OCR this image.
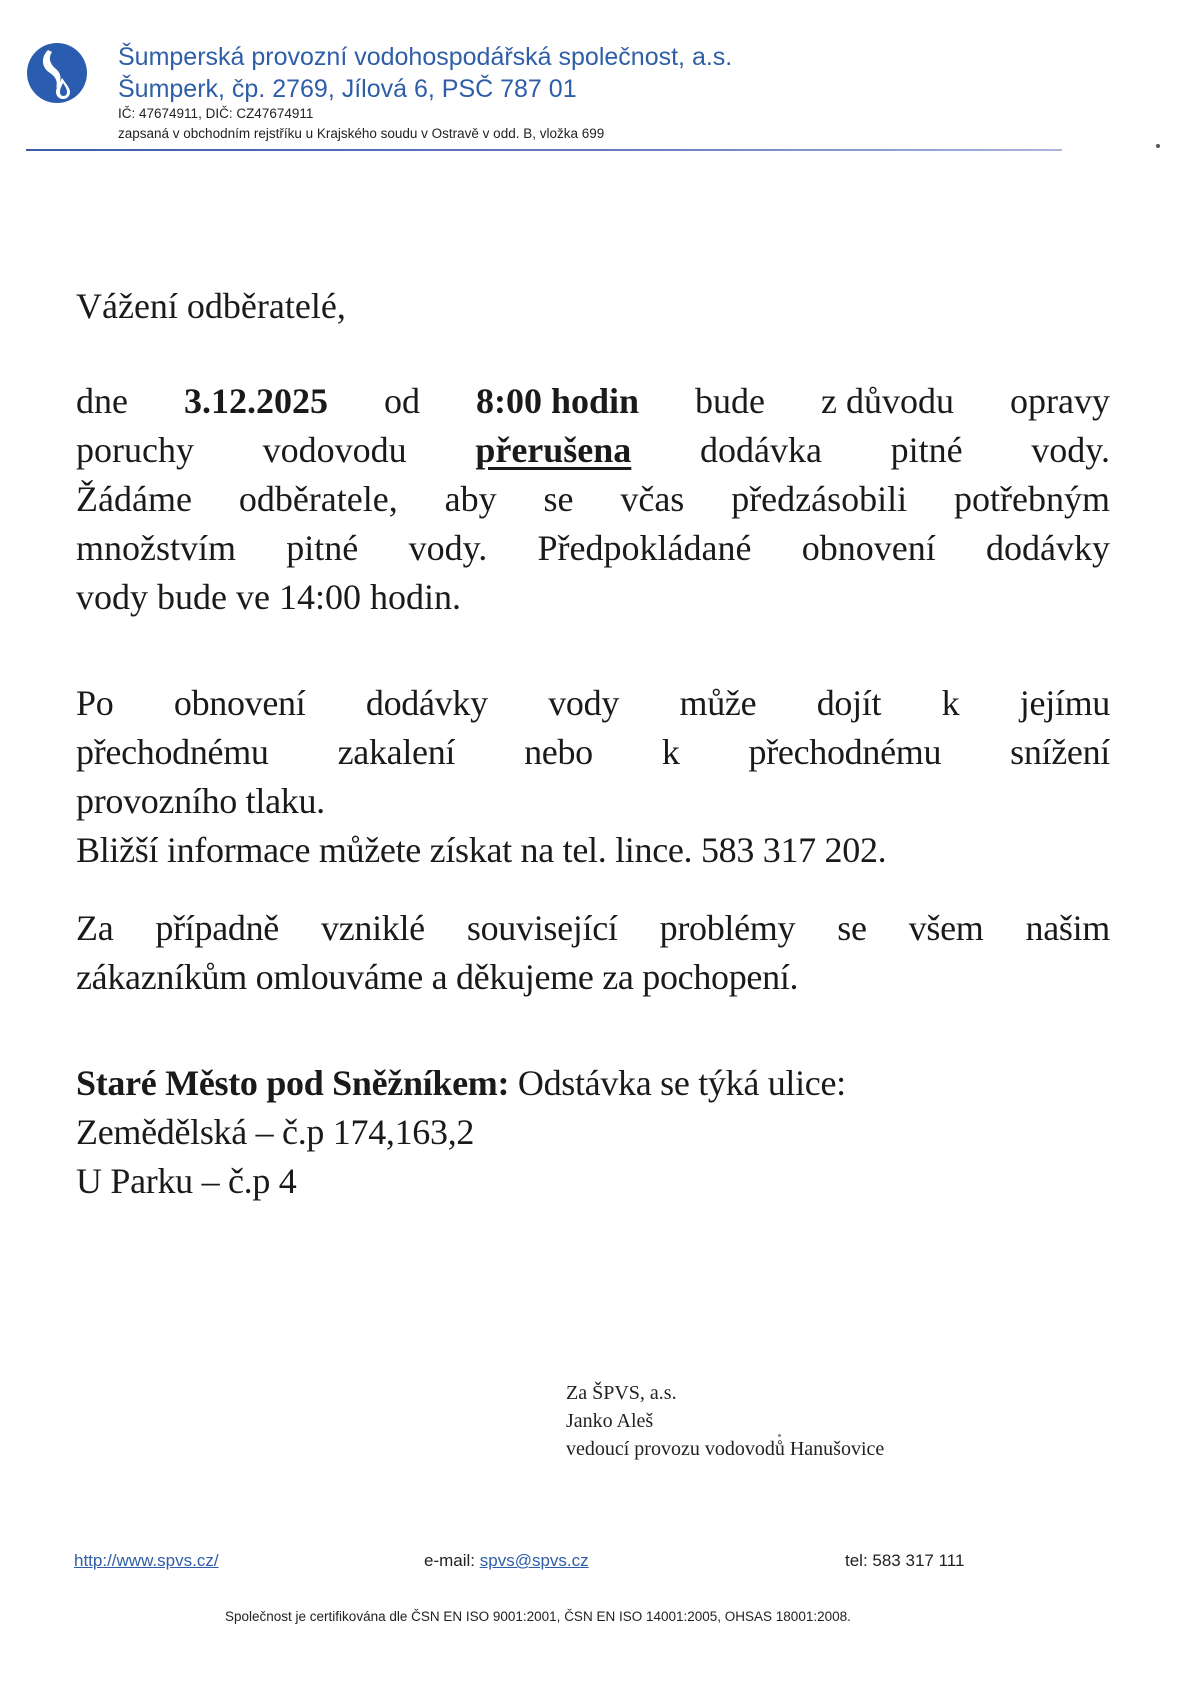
Šumperská provozní vodohospodářská společnost, a.s.
Šumperk, čp. 2769, Jílová 6, PSČ 787 01
IČ: 47674911, DIČ: CZ47674911
zapsaná v obchodním rejstříku u Krajského soudu v Ostravě v odd. B, vložka 699
Vážení odběratelé,
dne 3.12.2025 od 8:00 hodin bude z důvodu opravy
poruchy vodovodu přerušena dodávka pitné vody.
Žádáme odběratele, aby se včas předzásobili potřebným
množstvím pitné vody. Předpokládané obnovení dodávky
vody bude ve 14:00 hodin.
Po obnovení dodávky vody může dojít k jejímu
přechodnému zakalení nebo k přechodnému snížení
provozního tlaku.
Bližší informace můžete získat na tel. lince. 583 317 202.
Za případně vzniklé související problémy se všem našim
zákazníkům omlouváme a děkujeme za pochopení.
Staré Město pod Sněžníkem: Odstávka se týká ulice:
Zemědělská – č.p 174,163,2
U Parku – č.p 4
Za ŠPVS, a.s.
Janko Aleš
vedoucí provozu vodovodů Hanušovice
http://www.spvs.cz/	e-mail: spvs@spvs.cz	tel: 583 317 111
Společnost je certifikována dle ČSN EN ISO 9001:2001, ČSN EN ISO 14001:2005, OHSAS 18001:2008.
